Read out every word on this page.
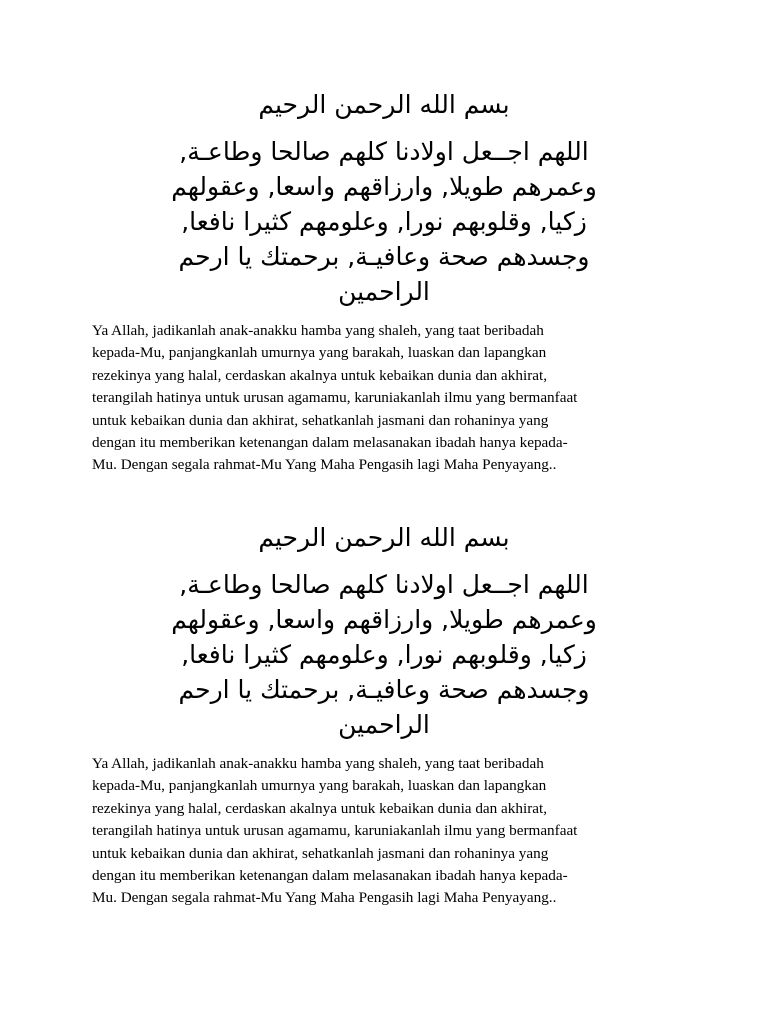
بسم الله الرحمن الرحيم

اللهم اجــعل اولادنا كلهم صالحا وطاعـة,
وعمرهم طويلا, وارزاقهم واسعا, وعقولهم
زكيا, وقلوبهم نورا, وعلومهم كثيرا نافعا,
وجسدهم صحة وعافيـة, برحمتك يا ارحم
الراحمين

Ya Allah, jadikanlah anak-anakku hamba yang shaleh, yang taat beribadah
kepada-Mu, panjangkanlah umurnya yang barakah, luaskan dan lapangkan
rezekinya yang halal, cerdaskan akalnya untuk kebaikan dunia dan akhirat,
terangilah hatinya untuk urusan agamamu, karuniakanlah ilmu yang bermanfaat
untuk kebaikan dunia dan akhirat, sehatkanlah jasmani dan rohaninya yang
dengan itu memberikan ketenangan dalam melasanakan ibadah hanya kepada-
Mu. Dengan segala rahmat-Mu Yang Maha Pengasih lagi Maha Penyayang..

بسم الله الرحمن الرحيم

اللهم اجــعل اولادنا كلهم صالحا وطاعـة,
وعمرهم طويلا, وارزاقهم واسعا, وعقولهم
زكيا, وقلوبهم نورا, وعلومهم كثيرا نافعا,
وجسدهم صحة وعافيـة, برحمتك يا ارحم
الراحمين

Ya Allah, jadikanlah anak-anakku hamba yang shaleh, yang taat beribadah
kepada-Mu, panjangkanlah umurnya yang barakah, luaskan dan lapangkan
rezekinya yang halal, cerdaskan akalnya untuk kebaikan dunia dan akhirat,
terangilah hatinya untuk urusan agamamu, karuniakanlah ilmu yang bermanfaat
untuk kebaikan dunia dan akhirat, sehatkanlah jasmani dan rohaninya yang
dengan itu memberikan ketenangan dalam melasanakan ibadah hanya kepada-
Mu. Dengan segala rahmat-Mu Yang Maha Pengasih lagi Maha Penyayang..
